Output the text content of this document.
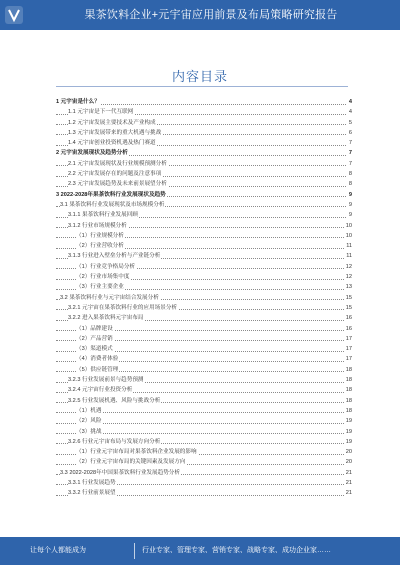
果茶饮料企业+元宇宙应用前景及布局策略研究报告
内容目录
1 元宇宙是什么？	4
1.1 元宇宙是下一代互联网	4
1.2 元宇宙发展主要技术及产业构成	5
1.3 元宇宙发展带来的重大机遇与挑战	6
1.4 元宇宙创业投资机遇及热门赛道	7
2 元宇宙发展现状及趋势分析	7
2.1 元宇宙发展现状及行业规模预测分析	7
2.2 元宇宙发展存在的问题及注意事项	8
2.3 元宇宙发展趋势及未来前景展望分析	8
3 2022-2028年果茶饮料行业发展现状及趋势	9
3.1 果茶饮料行业发展现状及市场规模分析	9
3.1.1 果茶饮料行业发展回顾	9
3.1.2 行业市场规模分析	10
（1）行业规模分析	10
（2）行业营收分析	11
3.1.3 行业进入壁垒分析与产业链分析	11
（1）行业竞争格局分析	12
（2）行业市场集中度	12
（3）行业主要企业	13
3.2 果茶饮料行业与元宇宙结合发展分析	15
3.2.1 元宇宙在果茶饮料行业的应用场景分析	15
3.2.2 进入果茶饮料元宇宙布局	16
（1）品牌建设	16
（2）产品营销	17
（3）渠道模式	17
（4）消费者体验	17
（5）供应链管理	18
3.2.3 行业发展前景与趋势预测	18
3.2.4 元宇宙行业投资分析	18
3.2.5 行业发展机遇、风险与挑战分析	18
（1）机遇	18
（2）风险	19
（3）挑战	19
3.2.6 行业元宇宙布局与发展方向分析	19
（1）行业元宇宙布局对果茶饮料企业发展的影响	20
（2）行业元宇宙布局的关键因素及发展方向	20
3.3 2022-2028年中国果茶饮料行业发展趋势分析	21
3.3.1 行业发展趋势	21
3.3.2 行业前景展望	21
让每个人都能成为	行业专家、管理专家、营销专家、战略专家、成功企业家……
